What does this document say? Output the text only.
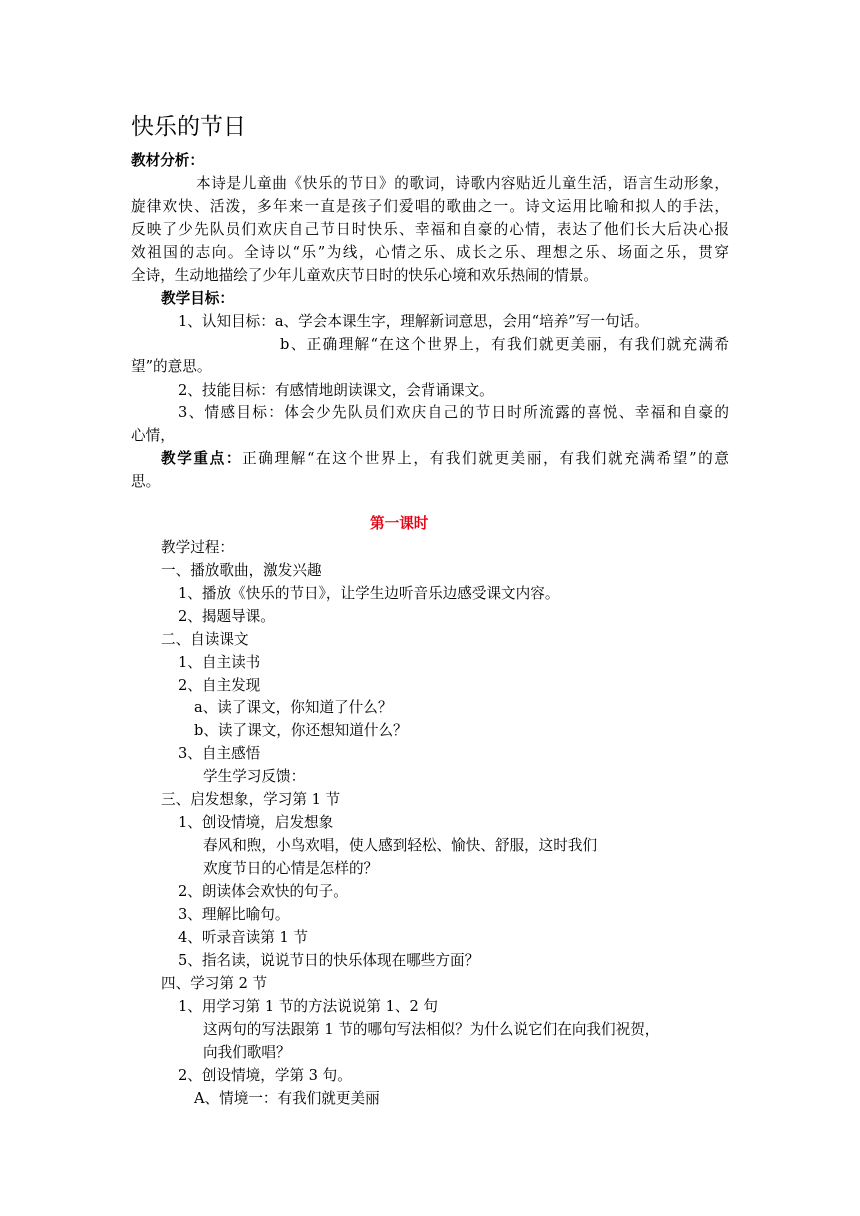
快乐的节日
教材分析：
本诗是儿童曲《快乐的节日》的歌词，诗歌内容贴近儿童生活，语言生动形象，
旋律欢快、活泼，多年来一直是孩子们爱唱的歌曲之一。诗文运用比喻和拟人的手法，
反映了少先队员们欢庆自己节日时快乐、幸福和自豪的心情，表达了他们长大后决心报
效祖国的志向。全诗以“乐”为线，心情之乐、成长之乐、理想之乐、场面之乐，贯穿
全诗，生动地描绘了少年儿童欢庆节日时的快乐心境和欢乐热闹的情景。
教学目标：
1、认知目标：a、学会本课生字，理解新词意思，会用“培养”写一句话。
b、正确理解“在这个世界上，有我们就更美丽，有我们就充满希
望”的意思。
2、技能目标：有感情地朗读课文，会背诵课文。
3、情感目标：体会少先队员们欢庆自己的节日时所流露的喜悦、幸福和自豪的
心情，
教学重点：正确理解“在这个世界上，有我们就更美丽，有我们就充满希望”的意
思。
第一课时
教学过程：
一、播放歌曲，激发兴趣
1、播放《快乐的节日》，让学生边听音乐边感受课文内容。
2、揭题导课。
二、自读课文
1、自主读书
2、自主发现
a、读了课文，你知道了什么？
b、读了课文，你还想知道什么？
3、自主感悟
学生学习反馈：
三、启发想象，学习第 1 节
1、创设情境，启发想象
春风和煦，小鸟欢唱，使人感到轻松、愉快、舒服，这时我们
欢度节日的心情是怎样的？
2、朗读体会欢快的句子。
3、理解比喻句。
4、听录音读第 1 节
5、指名读，说说节日的快乐体现在哪些方面？
四、学习第 2 节
1、用学习第 1 节的方法说说第 1、2 句
这两句的写法跟第 1 节的哪句写法相似？为什么说它们在向我们祝贺，
向我们歌唱？
2、创设情境，学第 3 句。
A、情境一：有我们就更美丽
